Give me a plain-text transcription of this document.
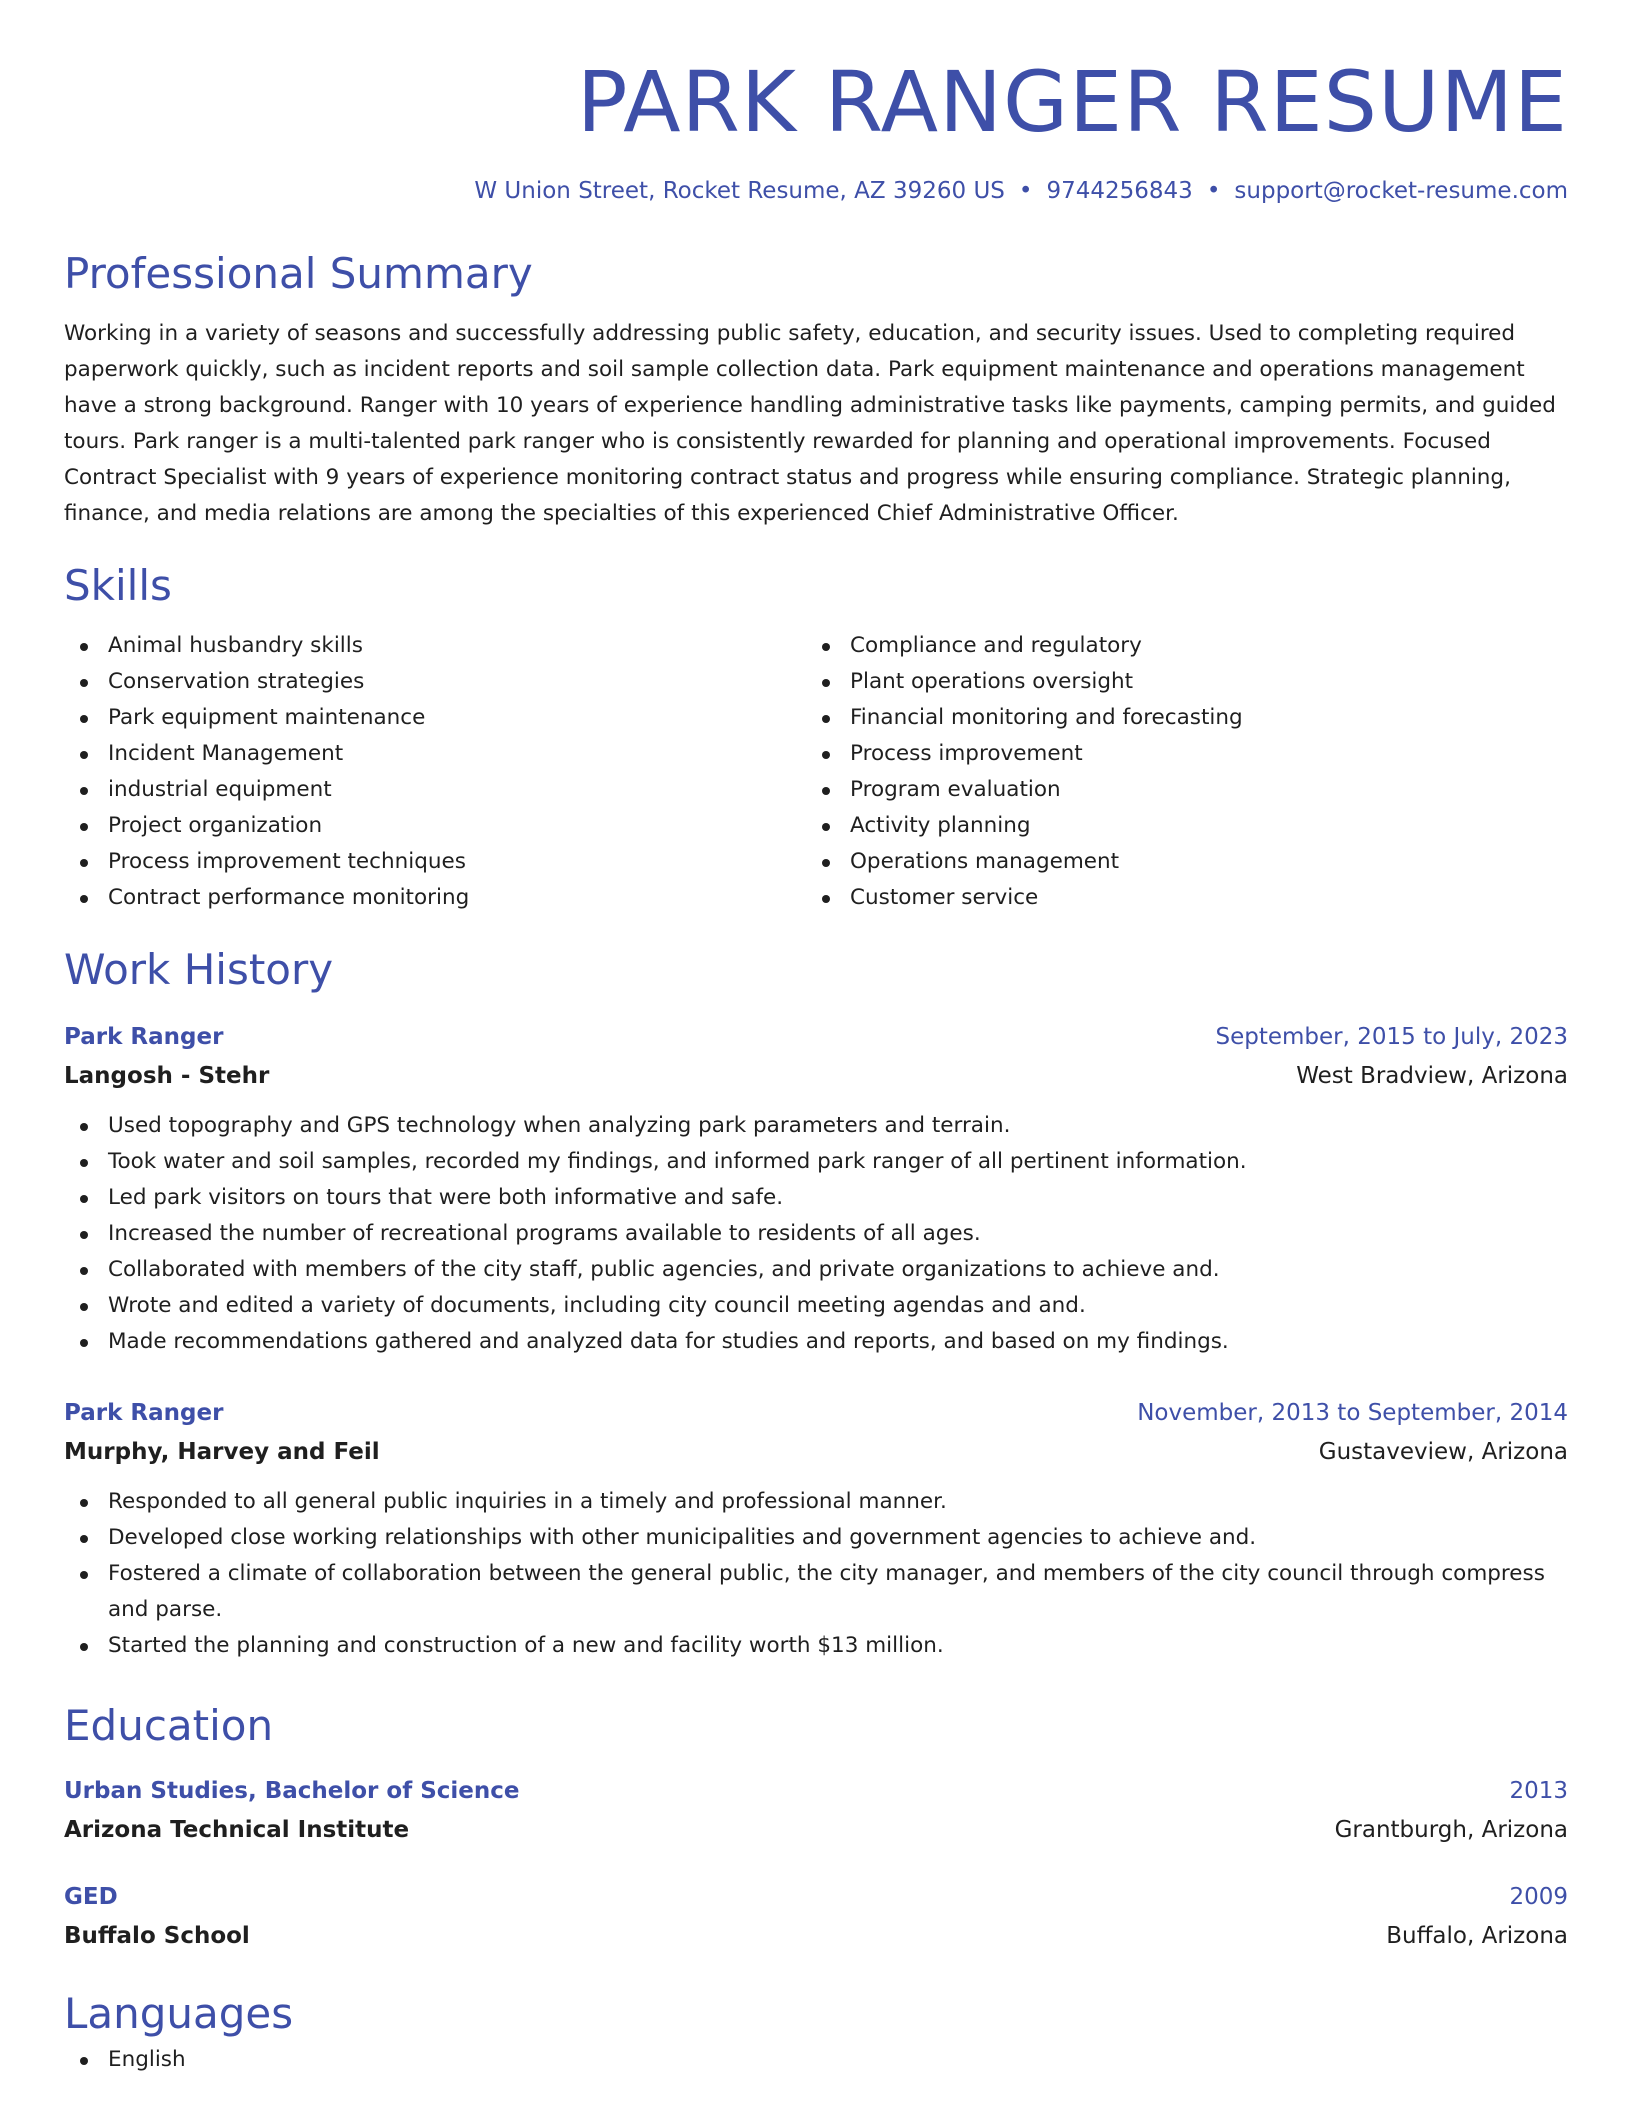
PARK RANGER RESUME
W Union Street, Rocket Resume, AZ 39260 US • 9744256843 • support@rocket-resume.com
Professional Summary

Working in a variety of seasons and successfully addressing public safety, education, and security issues. Used to completing required paperwork quickly, such as incident reports and soil sample collection data. Park equipment maintenance and operations management have a strong background. Ranger with 10 years of experience handling administrative tasks like payments, camping permits, and guided tours. Park ranger is a multi-talented park ranger who is consistently rewarded for planning and operational improvements. Focused Contract Specialist with 9 years of experience monitoring contract status and progress while ensuring compliance. Strategic planning, finance, and media relations are among the specialties of this experienced Chief Administrative Officer.

Skills
Animal husbandry skills
Conservation strategies
Park equipment maintenance
Incident Management
industrial equipment
Project organization
Process improvement techniques
Contract performance monitoring
Compliance and regulatory
Plant operations oversight
Financial monitoring and forecasting
Process improvement
Program evaluation
Activity planning
Operations management
Customer service
Work History
Park Ranger	September, 2015 to July, 2023
Langosh - Stehr	West Bradview, Arizona
Used topography and GPS technology when analyzing park parameters and terrain.
Took water and soil samples, recorded my findings, and informed park ranger of all pertinent information.
Led park visitors on tours that were both informative and safe.
Increased the number of recreational programs available to residents of all ages.
Collaborated with members of the city staff, public agencies, and private organizations to achieve and.
Wrote and edited a variety of documents, including city council meeting agendas and and.
Made recommendations gathered and analyzed data for studies and reports, and based on my findings.
Park Ranger	November, 2013 to September, 2014
Murphy, Harvey and Feil	Gustaveview, Arizona
Responded to all general public inquiries in a timely and professional manner.
Developed close working relationships with other municipalities and government agencies to achieve and.
Fostered a climate of collaboration between the general public, the city manager, and members of the city council through compress and parse.
Started the planning and construction of a new and facility worth $13 million.
Education
Urban Studies, Bachelor of Science	2013
Arizona Technical Institute	Grantburgh, Arizona
GED	2009
Buffalo School	Buffalo, Arizona
Languages
English
